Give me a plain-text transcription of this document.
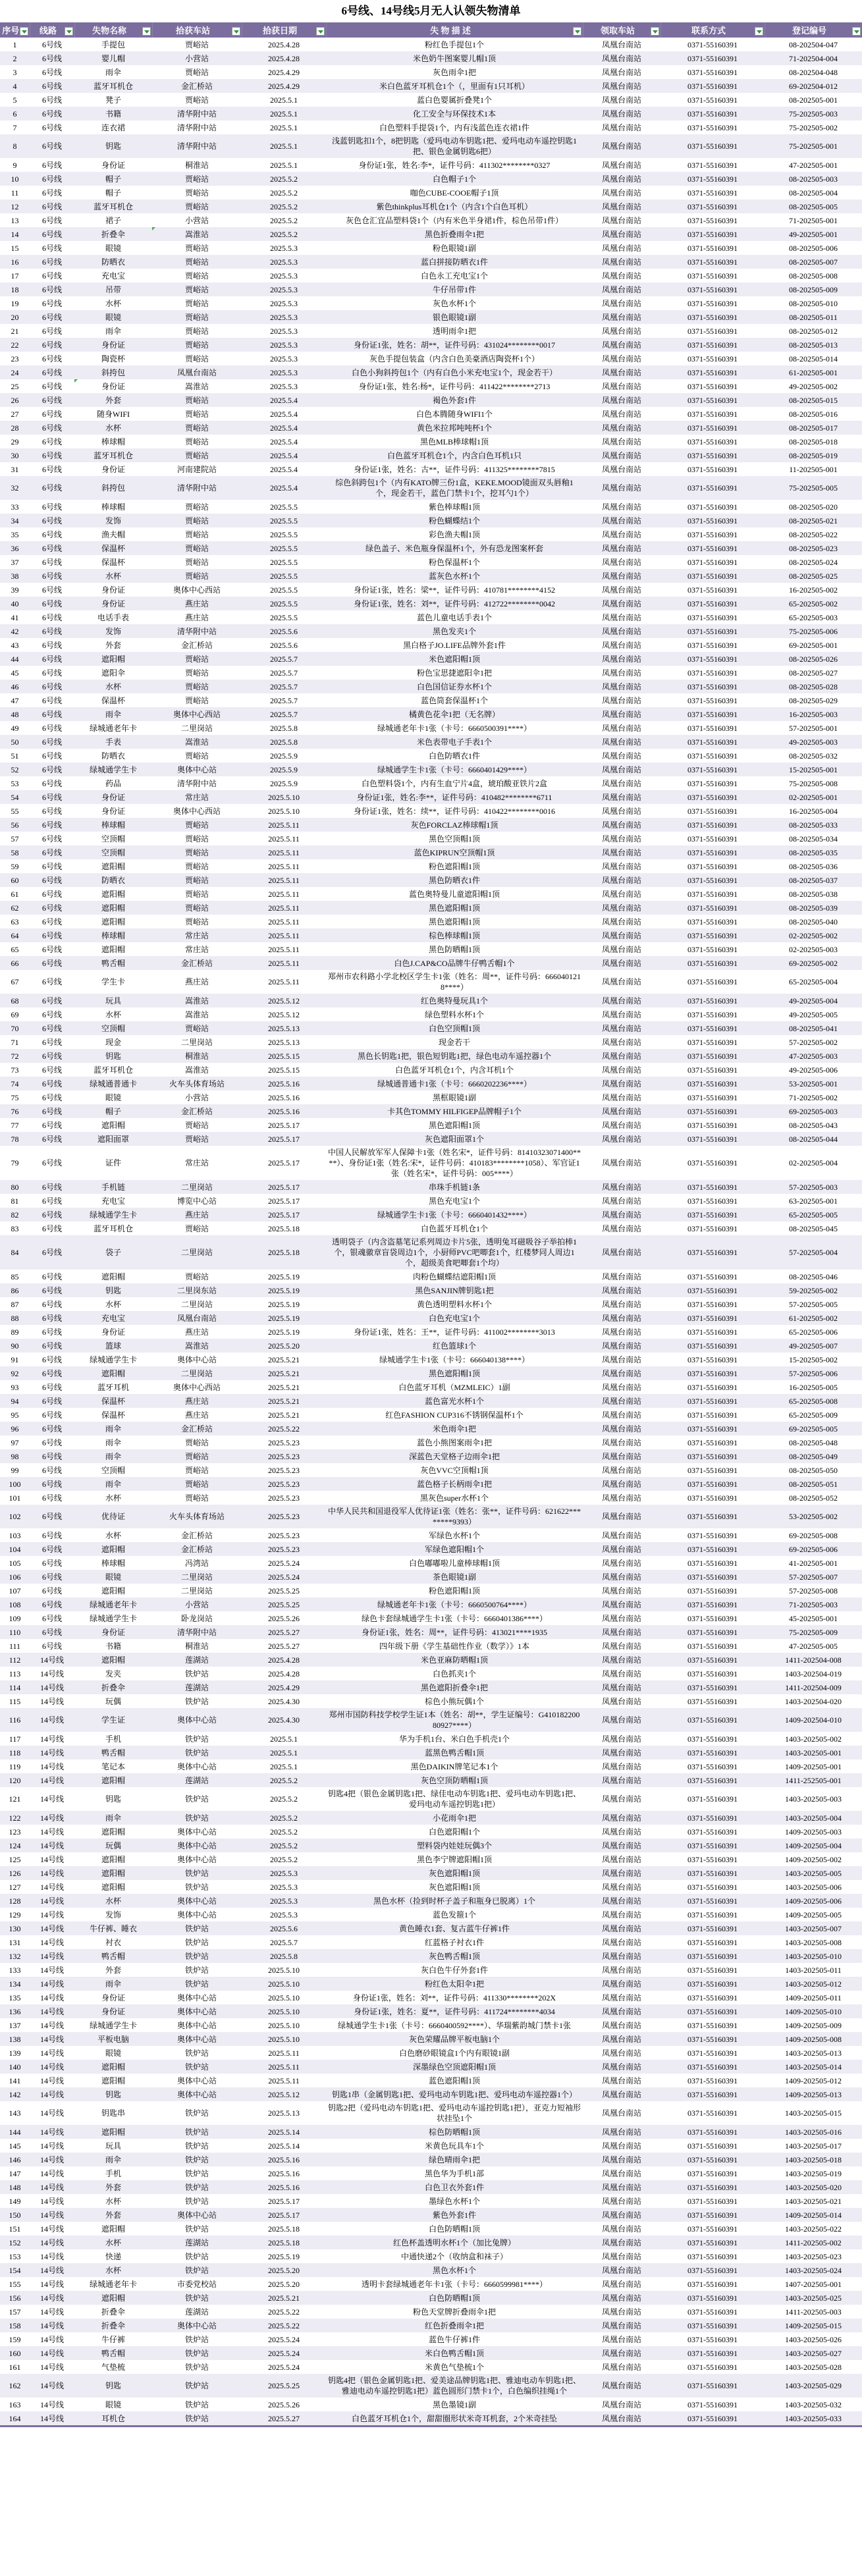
6号线、14号线5月无人认领失物清单
序号	线路	失物名称	拾获车站	拾获日期	失 物 描 述	领取车站	联系方式	登记编号

1	6号线	手提包	贾峪站	2025.4.28	粉红色手提包1个	凤凰台南站	0371-55160391	08-202504-047
2	6号线	婴儿帽	小营站	2025.4.28	米色奶牛图案婴儿帽1顶	凤凰台南站	0371-55160391	71-202504-004
3	6号线	雨伞	贾峪站	2025.4.29	灰色雨伞1把	凤凰台南站	0371-55160391	08-202504-048
4	6号线	蓝牙耳机仓	金汇桥站	2025.4.29	米白色蓝牙耳机仓1个（，里面有1只耳机）	凤凰台南站	0371-55160391	69-202504-012
5	6号线	凳子	贾峪站	2025.5.1	蓝白色婴属折叠凳1个	凤凰台南站	0371-55160391	08-202505-001
6	6号线	书籍	清华附中站	2025.5.1	化工安全与环保技术1本	凤凰台南站	0371-55160391	75-202505-003
7	6号线	连衣裙	清华附中站	2025.5.1	白色塑料手提袋1个，内有浅蓝色连衣裙1件	凤凰台南站	0371-55160391	75-202505-002
8	6号线	钥匙	清华附中站	2025.5.1	浅蓝钥匙扣1个，8把钥匙（爱玛电动车钥匙1把、爱玛电动车遥控钥匙1把、银色金属钥匙6把）	凤凰台南站	0371-55160391	75-202505-001
9	6号线	身份证	桐淮站	2025.5.1	身份证1张，姓名:李*，证件号码：411302********0327	凤凰台南站	0371-55160391	47-202505-001
10	6号线	帽子	贾峪站	2025.5.2	白色帽子1个	凤凰台南站	0371-55160391	08-202505-003
11	6号线	帽子	贾峪站	2025.5.2	咖色CUBE-COOE帽子1顶	凤凰台南站	0371-55160391	08-202505-004
12	6号线	蓝牙耳机仓	贾峪站	2025.5.2	紫色thinkplus耳机仓1个（内含1个白色耳机）	凤凰台南站	0371-55160391	08-202505-005
13	6号线	裙子	小营站	2025.5.2	灰色仓汇宜品塑料袋1个（内有米色半身裙1件，棕色吊带1件）	凤凰台南站	0371-55160391	71-202505-001
14	6号线	折叠伞	嵩淮站	2025.5.2	黑色折叠雨伞1把	凤凰台南站	0371-55160391	49-202505-001
15	6号线	眼镜	贾峪站	2025.5.3	粉色眼镜1副	凤凰台南站	0371-55160391	08-202505-006
16	6号线	防晒衣	贾峪站	2025.5.3	蓝白拼接防晒衣1件	凤凰台南站	0371-55160391	08-202505-007
17	6号线	充电宝	贾峪站	2025.5.3	白色永工充电宝1个	凤凰台南站	0371-55160391	08-202505-008
18	6号线	吊带	贾峪站	2025.5.3	牛仔吊带1件	凤凰台南站	0371-55160391	08-202505-009
19	6号线	水杯	贾峪站	2025.5.3	灰色水杯1个	凤凰台南站	0371-55160391	08-202505-010
20	6号线	眼镜	贾峪站	2025.5.3	银色眼镜1副	凤凰台南站	0371-55160391	08-202505-011
21	6号线	雨伞	贾峪站	2025.5.3	透明雨伞1把	凤凰台南站	0371-55160391	08-202505-012
22	6号线	身份证	贾峪站	2025.5.3	身份证1张，姓名：胡**，证件号码：431024********0017	凤凰台南站	0371-55160391	08-202505-013
23	6号线	陶瓷杯	贾峪站	2025.5.3	灰色手提包装盒（内含白色美豪酒店陶瓷杯1个）	凤凰台南站	0371-55160391	08-202505-014
24	6号线	斜挎包	凤凰台南站	2025.5.3	白色小狗斜挎包1个（内有白色小米充电宝1个，现金若干）	凤凰台南站	0371-55160391	61-202505-001
25	6号线	身份证	嵩淮站	2025.5.3	身份证1张，姓名:杨*，证件号码：411422********2713	凤凰台南站	0371-55160391	49-202505-002
26	6号线	外套	贾峪站	2025.5.4	褐色外套1件	凤凰台南站	0371-55160391	08-202505-015
27	6号线	随身WIFI	贾峪站	2025.5.4	白色本腾随身WIFI1个	凤凰台南站	0371-55160391	08-202505-016
28	6号线	水杯	贾峪站	2025.5.4	黄色米拉邦吨吨杯1个	凤凰台南站	0371-55160391	08-202505-017
29	6号线	棒球帽	贾峪站	2025.5.4	黑色MLB棒球帽1顶	凤凰台南站	0371-55160391	08-202505-018
30	6号线	蓝牙耳机仓	贾峪站	2025.5.4	白色蓝牙耳机仓1个，内含白色耳机1只	凤凰台南站	0371-55160391	08-202505-019
31	6号线	身份证	河南建院站	2025.5.4	身份证1张，姓名：古**，证件号码：411325********7815	凤凰台南站	0371-55160391	11-202505-001
32	6号线	斜挎包	清华附中站	2025.5.4	综色斜跨包1个（内有KATO牌三份1盒，KEKE.MOOD镜面双头唇釉1个，现金若干，蓝色门禁卡1个，挖耳勺1个）	凤凰台南站	0371-55160391	75-202505-005
33	6号线	棒球帽	贾峪站	2025.5.5	紫色棒球帽1顶	凤凰台南站	0371-55160391	08-202505-020
34	6号线	发饰	贾峪站	2025.5.5	粉色蝴蝶结1个	凤凰台南站	0371-55160391	08-202505-021
35	6号线	渔夫帽	贾峪站	2025.5.5	彩色渔夫帽1顶	凤凰台南站	0371-55160391	08-202505-022
36	6号线	保温杯	贾峪站	2025.5.5	绿色盖子、米色瓶身保温杯1个，外有恐龙图案杯套	凤凰台南站	0371-55160391	08-202505-023
37	6号线	保温杯	贾峪站	2025.5.5	粉色保温杯1个	凤凰台南站	0371-55160391	08-202505-024
38	6号线	水杯	贾峪站	2025.5.5	蓝灰色水杯1个	凤凰台南站	0371-55160391	08-202505-025
39	6号线	身份证	奥体中心西站	2025.5.5	身份证1张，姓名：梁**，证件号码：410781********4152	凤凰台南站	0371-55160391	16-202505-002
40	6号线	身份证	燕庄站	2025.5.5	身份证1张，姓名：刘**，证件号码：412722********0042	凤凰台南站	0371-55160391	65-202505-002
41	6号线	电话手表	燕庄站	2025.5.5	蓝色儿童电话手表1个	凤凰台南站	0371-55160391	65-202505-003
42	6号线	发饰	清华附中站	2025.5.6	黑色发夹1个	凤凰台南站	0371-55160391	75-202505-006
43	6号线	外套	金汇桥站	2025.5.6	黑白格子JO.LIFE品牌外套1件	凤凰台南站	0371-55160391	69-202505-001
44	6号线	遮阳帽	贾峪站	2025.5.7	米色遮阳帽1顶	凤凰台南站	0371-55160391	08-202505-026
45	6号线	遮阳伞	贾峪站	2025.5.7	粉色宝思捷遮阳伞1把	凤凰台南站	0371-55160391	08-202505-027
46	6号线	水杯	贾峪站	2025.5.7	白色国信证券水杯1个	凤凰台南站	0371-55160391	08-202505-028
47	6号线	保温杯	贾峪站	2025.5.7	蓝色筒套保温杯1个	凤凰台南站	0371-55160391	08-202505-029
48	6号线	雨伞	奥体中心西站	2025.5.7	橘黄色花伞1把（无名牌）	凤凰台南站	0371-55160391	16-202505-003
49	6号线	绿城通老年卡	二里岗站	2025.5.8	绿城通老年卡1张（卡号：6660500391****）	凤凰台南站	0371-55160391	57-202505-001
50	6号线	手表	嵩淮站	2025.5.8	米色表带电子手表1个	凤凰台南站	0371-55160391	49-202505-003
51	6号线	防晒衣	贾峪站	2025.5.9	白色防晒衣1件	凤凰台南站	0371-55160391	08-202505-032
52	6号线	绿城通学生卡	奥体中心站	2025.5.9	绿城通学生卡1张（卡号：6660401429****）	凤凰台南站	0371-55160391	15-202505-001
53	6号线	药品	清华附中站	2025.5.9	白色塑料袋1个，内有生血宁片4盒，琥珀酸亚铁片2盒	凤凰台南站	0371-55160391	75-202505-008
54	6号线	身份证	常庄站	2025.5.10	身份证1张，姓名:李**，证件号码：410482********6711	凤凰台南站	0371-55160391	02-202505-001
55	6号线	身份证	奥体中心西站	2025.5.10	身份证1张，姓名：续**，证件号码：410422********0016	凤凰台南站	0371-55160391	16-202505-004
56	6号线	棒球帽	贾峪站	2025.5.11	灰色FORCLAZ棒球帽1顶	凤凰台南站	0371-55160391	08-202505-033
57	6号线	空顶帽	贾峪站	2025.5.11	黑色空顶帽1顶	凤凰台南站	0371-55160391	08-202505-034
58	6号线	空顶帽	贾峪站	2025.5.11	蓝色KIPRUN空顶帽1顶	凤凰台南站	0371-55160391	08-202505-035
59	6号线	遮阳帽	贾峪站	2025.5.11	粉色遮阳帽1顶	凤凰台南站	0371-55160391	08-202505-036
60	6号线	防晒衣	贾峪站	2025.5.11	黑色防晒衣1件	凤凰台南站	0371-55160391	08-202505-037
61	6号线	遮阳帽	贾峪站	2025.5.11	蓝色奥特曼儿童遮阳帽1顶	凤凰台南站	0371-55160391	08-202505-038
62	6号线	遮阳帽	贾峪站	2025.5.11	黑色遮阳帽1顶	凤凰台南站	0371-55160391	08-202505-039
63	6号线	遮阳帽	贾峪站	2025.5.11	黑色遮阳帽1顶	凤凰台南站	0371-55160391	08-202505-040
64	6号线	棒球帽	常庄站	2025.5.11	棕色棒球帽1顶	凤凰台南站	0371-55160391	02-202505-002
65	6号线	遮阳帽	常庄站	2025.5.11	黑色防晒帽1顶	凤凰台南站	0371-55160391	02-202505-003
66	6号线	鸭舌帽	金汇桥站	2025.5.11	白色J.CAP&CO品牌牛仔鸭舌帽1个	凤凰台南站	0371-55160391	69-202505-002
67	6号线	学生卡	燕庄站	2025.5.11	郑州市农科路小学北校区学生卡1张（姓名：周**，证件号码：6660401218****）	凤凰台南站	0371-55160391	65-202505-004
68	6号线	玩具	嵩淮站	2025.5.12	红色奥特曼玩具1个	凤凰台南站	0371-55160391	49-202505-004
69	6号线	水杯	嵩淮站	2025.5.12	绿色塑料水杯1个	凤凰台南站	0371-55160391	49-202505-005
70	6号线	空顶帽	贾峪站	2025.5.13	白色空顶帽1顶	凤凰台南站	0371-55160391	08-202505-041
71	6号线	现金	二里岗站	2025.5.13	现金若干	凤凰台南站	0371-55160391	57-202505-002
72	6号线	钥匙	桐淮站	2025.5.15	黑色长钥匙1把，银色短钥匙1把，绿色电动车遥控器1个	凤凰台南站	0371-55160391	47-202505-003
73	6号线	蓝牙耳机仓	嵩淮站	2025.5.15	白色蓝牙耳机仓1个，内含耳机1个	凤凰台南站	0371-55160391	49-202505-006
74	6号线	绿城通普通卡	火车头体育场站	2025.5.16	绿城通普通卡1张（卡号：6660202236****）	凤凰台南站	0371-55160391	53-202505-001
75	6号线	眼镜	小营站	2025.5.16	黑框眼镜1副	凤凰台南站	0371-55160391	71-202505-002
76	6号线	帽子	金汇桥站	2025.5.16	卡其色TOMMY HILFIGEP品牌帽子1个	凤凰台南站	0371-55160391	69-202505-003
77	6号线	遮阳帽	贾峪站	2025.5.17	黑色遮阳帽1顶	凤凰台南站	0371-55160391	08-202505-043
78	6号线	遮阳面罩	贾峪站	2025.5.17	灰色遮阳面罩1个	凤凰台南站	0371-55160391	08-202505-044
79	6号线	证件	常庄站	2025.5.17	中国人民解放军军人保障卡1张（姓名宋*，证件号码：81410323071400****）、身份证1张（姓名:宋*，证件号码：410183********1058）、军官证1张（姓名宋*，证件号码：005****）	凤凰台南站	0371-55160391	02-202505-004
80	6号线	手机链	二里岗站	2025.5.17	串珠手机链1条	凤凰台南站	0371-55160391	57-202505-003
81	6号线	充电宝	博览中心站	2025.5.17	黑色充电宝1个	凤凰台南站	0371-55160391	63-202505-001
82	6号线	绿城通学生卡	燕庄站	2025.5.17	绿城通学生卡1张（卡号：6660401432****）	凤凰台南站	0371-55160391	65-202505-005
83	6号线	蓝牙耳机仓	贾峪站	2025.5.18	白色蓝牙耳机仓1个	凤凰台南站	0371-55160391	08-202505-045
84	6号线	袋子	二里岗站	2025.5.18	透明袋子（内含盗墓笔记系列周边卡片5张，透明兔耳磁吸谷子举拍棒1个，银魂徽章盲袋周边1个，小厨师PVC吧唧套1个，红楼梦同人周边1个，超级美食吧唧套1个均）	凤凰台南站	0371-55160391	57-202505-004
85	6号线	遮阳帽	贾峪站	2025.5.19	肉粉色蝴蝶结遮阳帽1顶	凤凰台南站	0371-55160391	08-202505-046
86	6号线	钥匙	二里岗东站	2025.5.19	黑色SANJIN牌钥匙1把	凤凰台南站	0371-55160391	59-202505-002
87	6号线	水杯	二里岗站	2025.5.19	黄色透明塑料水杯1个	凤凰台南站	0371-55160391	57-202505-005
88	6号线	充电宝	凤凰台南站	2025.5.19	白色充电宝1个	凤凰台南站	0371-55160391	61-202505-002
89	6号线	身份证	燕庄站	2025.5.19	身份证1张，姓名：王**，证件号码：411002********3013	凤凰台南站	0371-55160391	65-202505-006
90	6号线	篮球	嵩淮站	2025.5.20	红色篮球1个	凤凰台南站	0371-55160391	49-202505-007
91	6号线	绿城通学生卡	奥体中心站	2025.5.21	绿城通学生卡1张（卡号：666040138****）	凤凰台南站	0371-55160391	15-202505-002
92	6号线	遮阳帽	二里岗站	2025.5.21	黑色遮阳帽1顶	凤凰台南站	0371-55160391	57-202505-006
93	6号线	蓝牙耳机	奥体中心西站	2025.5.21	白色蓝牙耳机（MZMLEIC）1副	凤凰台南站	0371-55160391	16-202505-005
94	6号线	保温杯	燕庄站	2025.5.21	蓝色富光水杯1个	凤凰台南站	0371-55160391	65-202505-008
95	6号线	保温杯	燕庄站	2025.5.21	红色FASHION CUP316不锈钢保温杯1个	凤凰台南站	0371-55160391	65-202505-009
96	6号线	雨伞	金汇桥站	2025.5.22	米色雨伞1把	凤凰台南站	0371-55160391	69-202505-005
97	6号线	雨伞	贾峪站	2025.5.23	蓝色小熊图案雨伞1把	凤凰台南站	0371-55160391	08-202505-048
98	6号线	雨伞	贾峪站	2025.5.23	深蓝色天堂格子边雨伞1把	凤凰台南站	0371-55160391	08-202505-049
99	6号线	空顶帽	贾峪站	2025.5.23	灰色VVC空顶帽1顶	凤凰台南站	0371-55160391	08-202505-050
100	6号线	雨伞	贾峪站	2025.5.23	蓝色格子长柄雨伞1把	凤凰台南站	0371-55160391	08-202505-051
101	6号线	水杯	贾峪站	2025.5.23	黑灰色super水杯1个	凤凰台南站	0371-55160391	08-202505-052
102	6号线	优待证	火车头体育场站	2025.5.23	中华人民共和国退役军人优待证1张（姓名：张**，证件号码：621622********9393）	凤凰台南站	0371-55160391	53-202505-002
103	6号线	水杯	金汇桥站	2025.5.23	军绿色水杯1个	凤凰台南站	0371-55160391	69-202505-008
104	6号线	遮阳帽	金汇桥站	2025.5.23	军绿色遮阳帽1个	凤凰台南站	0371-55160391	69-202505-006
105	6号线	棒球帽	冯湾站	2025.5.24	白色嘟嘟啦儿童棒球帽1顶	凤凰台南站	0371-55160391	41-202505-001
106	6号线	眼镜	二里岗站	2025.5.24	茶色眼镜1副	凤凰台南站	0371-55160391	57-202505-007
107	6号线	遮阳帽	二里岗站	2025.5.25	粉色遮阳帽1顶	凤凰台南站	0371-55160391	57-202505-008
108	6号线	绿城通老年卡	小营站	2025.5.25	绿城通老年卡1张（卡号：6660500764****）	凤凰台南站	0371-55160391	71-202505-003
109	6号线	绿城通学生卡	卧龙岗站	2025.5.26	绿色卡套绿城通学生卡1张（卡号：6660401386****）	凤凰台南站	0371-55160391	45-202505-001
110	6号线	身份证	清华附中站	2025.5.27	身份证1张，姓名：周**，证件号码：413021****1935	凤凰台南站	0371-55160391	75-202505-009
111	6号线	书籍	桐淮站	2025.5.27	四年级下册《学生基础性作业（数学）》1本	凤凰台南站	0371-55160391	47-202505-005
112	14号线	遮阳帽	莲湖站	2025.4.28	米色亚麻防晒帽1顶	凤凰台南站	0371-55160391	1411-202504-008
113	14号线	发夹	铁炉站	2025.4.28	白色抓夹1个	凤凰台南站	0371-55160391	1403-202504-019
114	14号线	折叠伞	莲湖站	2025.4.29	黑色遮阳折叠伞1把	凤凰台南站	0371-55160391	1411-202504-009
115	14号线	玩偶	铁炉站	2025.4.30	棕色小熊玩偶1个	凤凰台南站	0371-55160391	1403-202504-020
116	14号线	学生证	奥体中心站	2025.4.30	郑州市国防科技学校学生证1本（姓名：胡**，学生证编号：G41018220080927****）	凤凰台南站	0371-55160391	1409-202504-010
117	14号线	手机	铁炉站	2025.5.1	华为手机1台、米白色手机壳1个	凤凰台南站	0371-55160391	1403-202505-002
118	14号线	鸭舌帽	铁炉站	2025.5.1	蓝黑色鸭舌帽1顶	凤凰台南站	0371-55160391	1403-202505-001
119	14号线	笔记本	奥体中心站	2025.5.1	黑色DAIKIN牌笔记本1个	凤凰台南站	0371-55160391	1409-202505-001
120	14号线	遮阳帽	莲湖站	2025.5.2	灰色空顶防晒帽1顶	凤凰台南站	0371-55160391	1411-252505-001
121	14号线	钥匙	铁炉站	2025.5.2	钥匙4把（银色金属钥匙1把、绿佳电动车钥匙1把、爱玛电动车钥匙1把、爱玛电动车遥控钥匙1把）	凤凰台南站	0371-55160391	1403-202505-003
122	14号线	雨伞	铁炉站	2025.5.2	小花雨伞1把	凤凰台南站	0371-55160391	1403-202505-004
123	14号线	遮阳帽	奥体中心站	2025.5.2	白色遮阳帽1个	凤凰台南站	0371-55160391	1409-202505-003
124	14号线	玩偶	奥体中心站	2025.5.2	塑料袋内娃娃玩偶3个	凤凰台南站	0371-55160391	1409-202505-004
125	14号线	遮阳帽	奥体中心站	2025.5.2	黑色李宁牌遮阳帽1顶	凤凰台南站	0371-55160391	1409-202505-002
126	14号线	遮阳帽	铁炉站	2025.5.3	灰色遮阳帽1顶	凤凰台南站	0371-55160391	1403-202505-005
127	14号线	遮阳帽	铁炉站	2025.5.3	灰色遮阳帽1顶	凤凰台南站	0371-55160391	1403-202505-006
128	14号线	水杯	奥体中心站	2025.5.3	黑色水杯（捡到时杯子盖子和瓶身已脱离）1个	凤凰台南站	0371-55160391	1409-202505-006
129	14号线	发饰	奥体中心站	2025.5.3	蓝色发箍1个	凤凰台南站	0371-55160391	1409-202505-005
130	14号线	牛仔裤、睡衣	铁炉站	2025.5.6	黄色睡衣1套、复古蓝牛仔裤1件	凤凰台南站	0371-55160391	1403-202505-007
131	14号线	衬衣	铁炉站	2025.5.7	红蓝格子衬衣1件	凤凰台南站	0371-55160391	1403-202505-008
132	14号线	鸭舌帽	铁炉站	2025.5.8	灰色鸭舌帽1顶	凤凰台南站	0371-55160391	1403-202505-010
133	14号线	外套	铁炉站	2025.5.10	灰白色牛仔外套1件	凤凰台南站	0371-55160391	1403-202505-011
134	14号线	雨伞	铁炉站	2025.5.10	粉红色太阳伞1把	凤凰台南站	0371-55160391	1403-202505-012
135	14号线	身份证	奥体中心站	2025.5.10	身份证1张，姓名：刘**，证件号码：411330********202X	凤凰台南站	0371-55160391	1409-202505-011
136	14号线	身份证	奥体中心站	2025.5.10	身份证1张，姓名：夏**，证件号码：411724********4034	凤凰台南站	0371-55160391	1409-202505-010
137	14号线	绿城通学生卡	奥体中心站	2025.5.10	绿城通学生卡1张（卡号：6660400592****）、华瑞紫韵城门禁卡1张	凤凰台南站	0371-55160391	1409-202505-009
138	14号线	平板电脑	奥体中心站	2025.5.10	灰色荣耀品牌平板电脑1个	凤凰台南站	0371-55160391	1409-202505-008
139	14号线	眼镜	铁炉站	2025.5.11	白色磨砂眼镜盒1个内有眼镜1副	凤凰台南站	0371-55160391	1403-202505-013
140	14号线	遮阳帽	铁炉站	2025.5.11	深墨绿色空顶遮阳帽1顶	凤凰台南站	0371-55160391	1403-202505-014
141	14号线	遮阳帽	奥体中心站	2025.5.11	蓝色遮阳帽1顶	凤凰台南站	0371-55160391	1409-202505-012
142	14号线	钥匙	奥体中心站	2025.5.12	钥匙1串（金属钥匙1把、爱玛电动车钥匙1把、爱玛电动车遥控器1个）	凤凰台南站	0371-55160391	1409-202505-013
143	14号线	钥匙串	铁炉站	2025.5.13	钥匙2把（爱玛电动车钥匙1把、爱玛电动车遥控钥匙1把），亚克力短袖形状挂坠1个	凤凰台南站	0371-55160391	1403-202505-015
144	14号线	遮阳帽	铁炉站	2025.5.14	棕色防晒帽1顶	凤凰台南站	0371-55160391	1403-202505-016
145	14号线	玩具	铁炉站	2025.5.14	米黄色玩具车1个	凤凰台南站	0371-55160391	1403-202505-017
146	14号线	雨伞	铁炉站	2025.5.16	绿色晴雨伞1把	凤凰台南站	0371-55160391	1403-202505-018
147	14号线	手机	铁炉站	2025.5.16	黑色华为手机1部	凤凰台南站	0371-55160391	1403-202505-019
148	14号线	外套	铁炉站	2025.5.16	白色卫衣外套1件	凤凰台南站	0371-55160391	1403-202505-020
149	14号线	水杯	铁炉站	2025.5.17	墨绿色水杯1个	凤凰台南站	0371-55160391	1403-202505-021
150	14号线	外套	奥体中心站	2025.5.17	紫色外套1件	凤凰台南站	0371-55160391	1409-202505-014
151	14号线	遮阳帽	铁炉站	2025.5.18	白色防晒帽1顶	凤凰台南站	0371-55160391	1403-202505-022
152	14号线	水杯	莲湖站	2025.5.18	红色杯盖透明水杯1个（加比兔牌）	凤凰台南站	0371-55160391	1411-202505-002
153	14号线	快递	铁炉站	2025.5.19	中通快递2个（收纳盒和袜子）	凤凰台南站	0371-55160391	1403-202505-023
154	14号线	水杯	铁炉站	2025.5.20	黑色水杯1个	凤凰台南站	0371-55160391	1403-202505-024
155	14号线	绿城通老年卡	市委党校站	2025.5.20	透明卡套绿城通老年卡1张（卡号：6660599981****）	凤凰台南站	0371-55160391	1407-202505-001
156	14号线	遮阳帽	铁炉站	2025.5.21	白色防晒帽1顶	凤凰台南站	0371-55160391	1403-202505-025
157	14号线	折叠伞	莲湖站	2025.5.22	粉色天堂牌折叠雨伞1把	凤凰台南站	0371-55160391	1411-202505-003
158	14号线	折叠伞	奥体中心站	2025.5.22	红色折叠雨伞1把	凤凰台南站	0371-55160391	1409-202505-015
159	14号线	牛仔裤	铁炉站	2025.5.24	蓝色牛仔裤1件	凤凰台南站	0371-55160391	1403-202505-026
160	14号线	鸭舌帽	铁炉站	2025.5.24	米白色鸭舌帽1顶	凤凰台南站	0371-55160391	1403-202505-027
161	14号线	气垫梳	铁炉站	2025.5.24	米黄色气垫梳1个	凤凰台南站	0371-55160391	1403-202505-028
162	14号线	钥匙	铁炉站	2025.5.25	钥匙4把（银色金属钥匙1把、爱美途品牌钥匙1把、雅迪电动车钥匙1把、雅迪电动车遥控钥匙1把）蓝色圆形门禁卡1个，白色编织挂绳1个	凤凰台南站	0371-55160391	1403-202505-029
163	14号线	眼镜	铁炉站	2025.5.26	黑色墨镜1副	凤凰台南站	0371-55160391	1403-202505-032
164	14号线	耳机仓	铁炉站	2025.5.27	白色蓝牙耳机仓1个，甜甜圈形状米奇耳机套，2个米奇挂坠	凤凰台南站	0371-55160391	1403-202505-033
